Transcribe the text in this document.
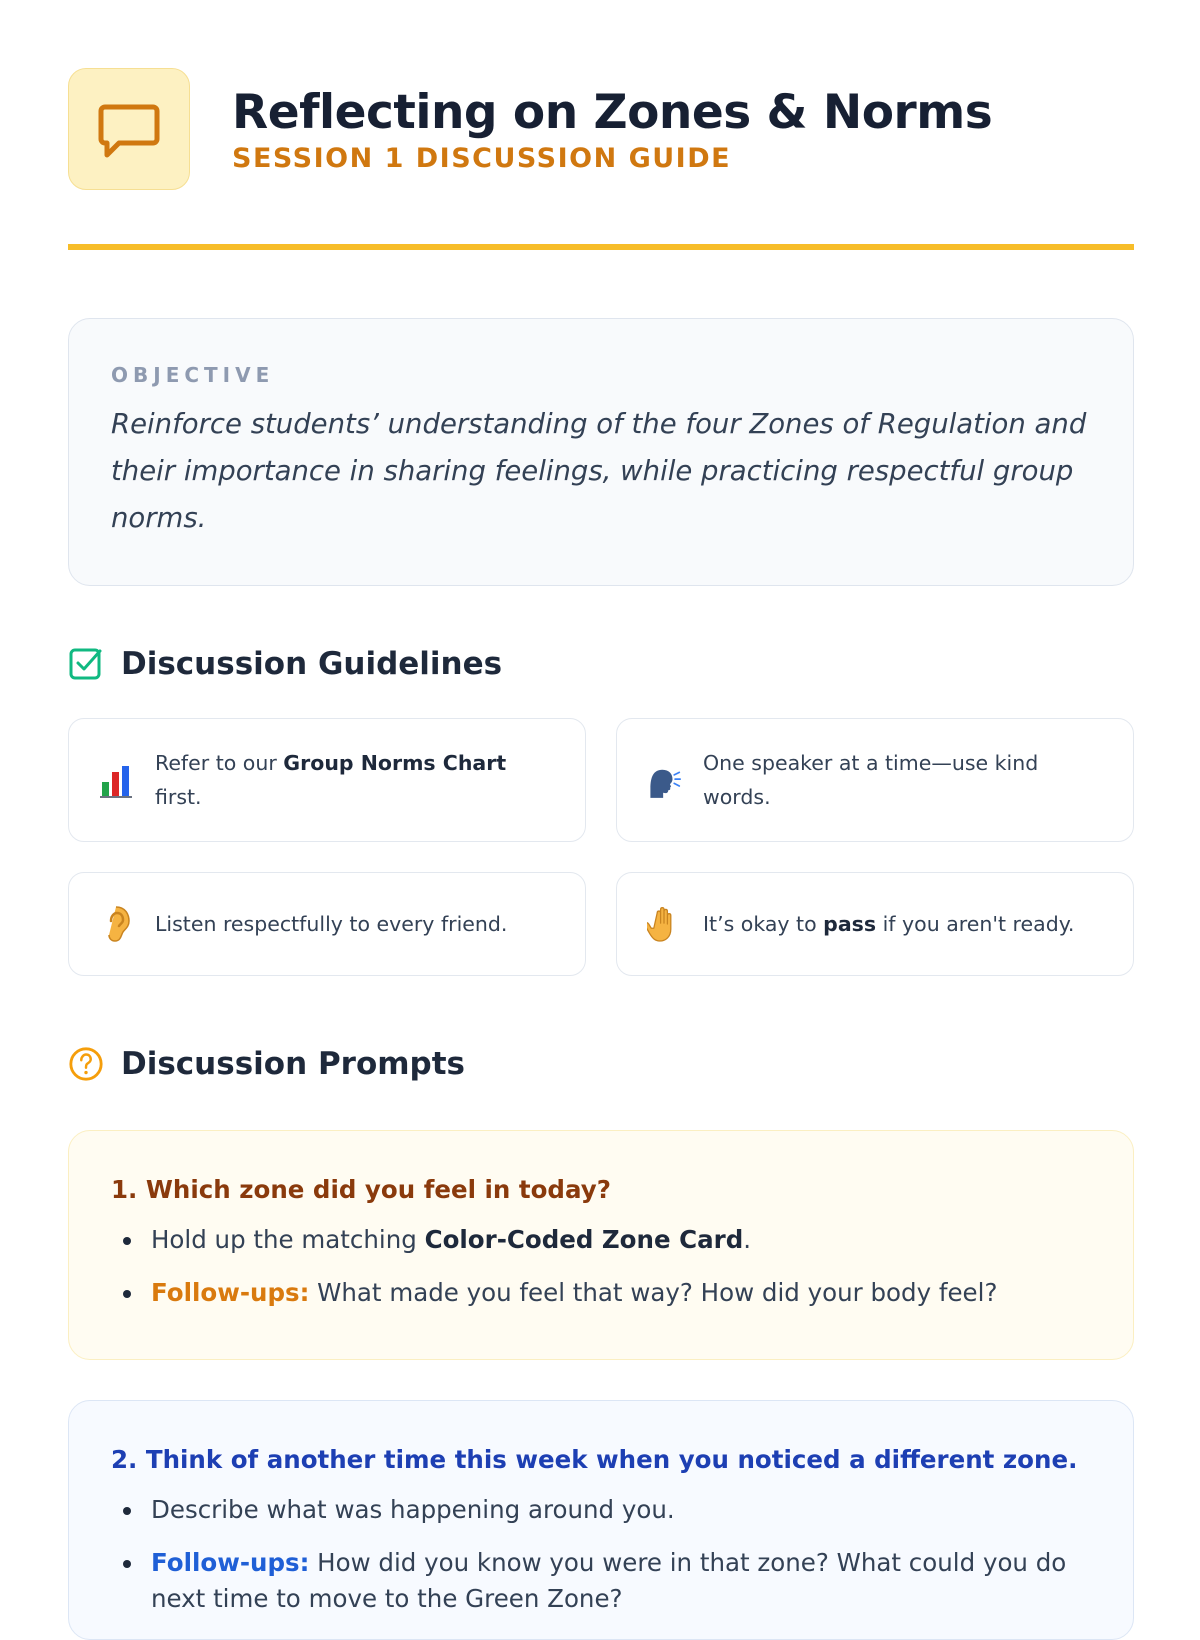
Reflecting on Zones & Norms
SESSION 1 DISCUSSION GUIDE
OBJECTIVE
Reinforce students’ understanding of the four Zones of Regulation and their importance in sharing feelings, while practicing respectful group norms.
Discussion Guidelines
Refer to our Group Norms Chart first.
One speaker at a time—use kind words.
Listen respectfully to every friend.	It’s okay to pass if you aren't ready.
Discussion Prompts
1. Which zone did you feel in today?
Hold up the matching Color-Coded Zone Card.
Follow-ups: What made you feel that way? How did your body feel?
2. Think of another time this week when you noticed a different zone.
Describe what was happening around you.
Follow-ups: How did you know you were in that zone? What could you do next time to move to the Green Zone?
